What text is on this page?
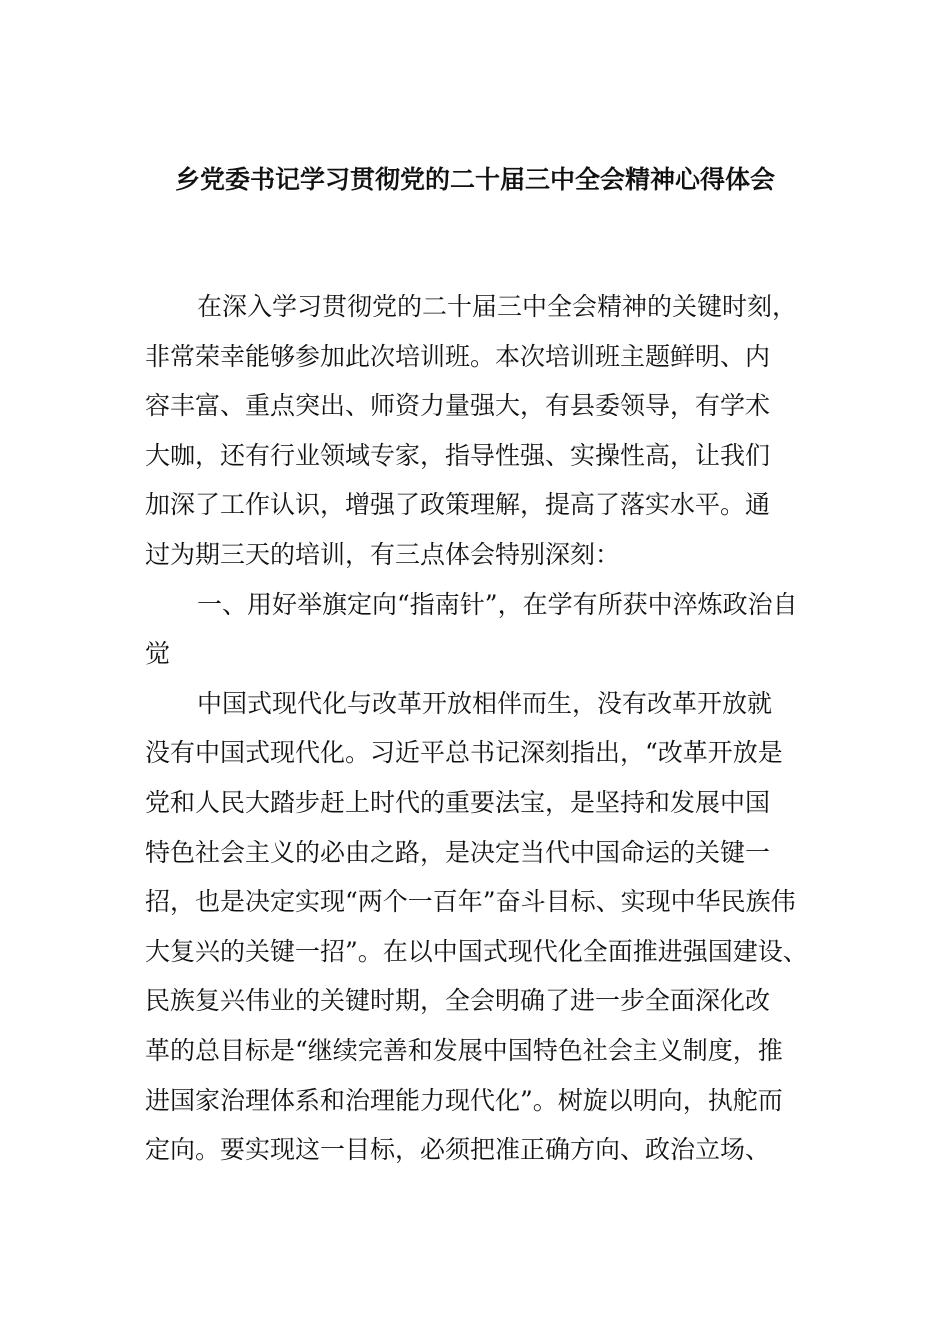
乡党委书记学习贯彻党的二十届三中全会精神心得体会
在深入学习贯彻党的二十届三中全会精神的关键时刻，
非常荣幸能够参加此次培训班。本次培训班主题鲜明、内
容丰富、重点突出、师资力量强大，有县委领导，有学术
大咖，还有行业领域专家，指导性强、实操性高，让我们
加深了工作认识，增强了政策理解，提高了落实水平。通
过为期三天的培训，有三点体会特别深刻：
一、用好举旗定向“指南针”，在学有所获中淬炼政治自
觉
中国式现代化与改革开放相伴而生，没有改革开放就
没有中国式现代化。习近平总书记深刻指出，“改革开放是
党和人民大踏步赶上时代的重要法宝，是坚持和发展中国
特色社会主义的必由之路，是决定当代中国命运的关键一
招，也是决定实现“两个一百年”奋斗目标、实现中华民族伟
大复兴的关键一招”。在以中国式现代化全面推进强国建设、
民族复兴伟业的关键时期，全会明确了进一步全面深化改
革的总目标是“继续完善和发展中国特色社会主义制度，推
进国家治理体系和治理能力现代化”。树旋以明向，执舵而
定向。要实现这一目标，必须把准正确方向、政治立场、
